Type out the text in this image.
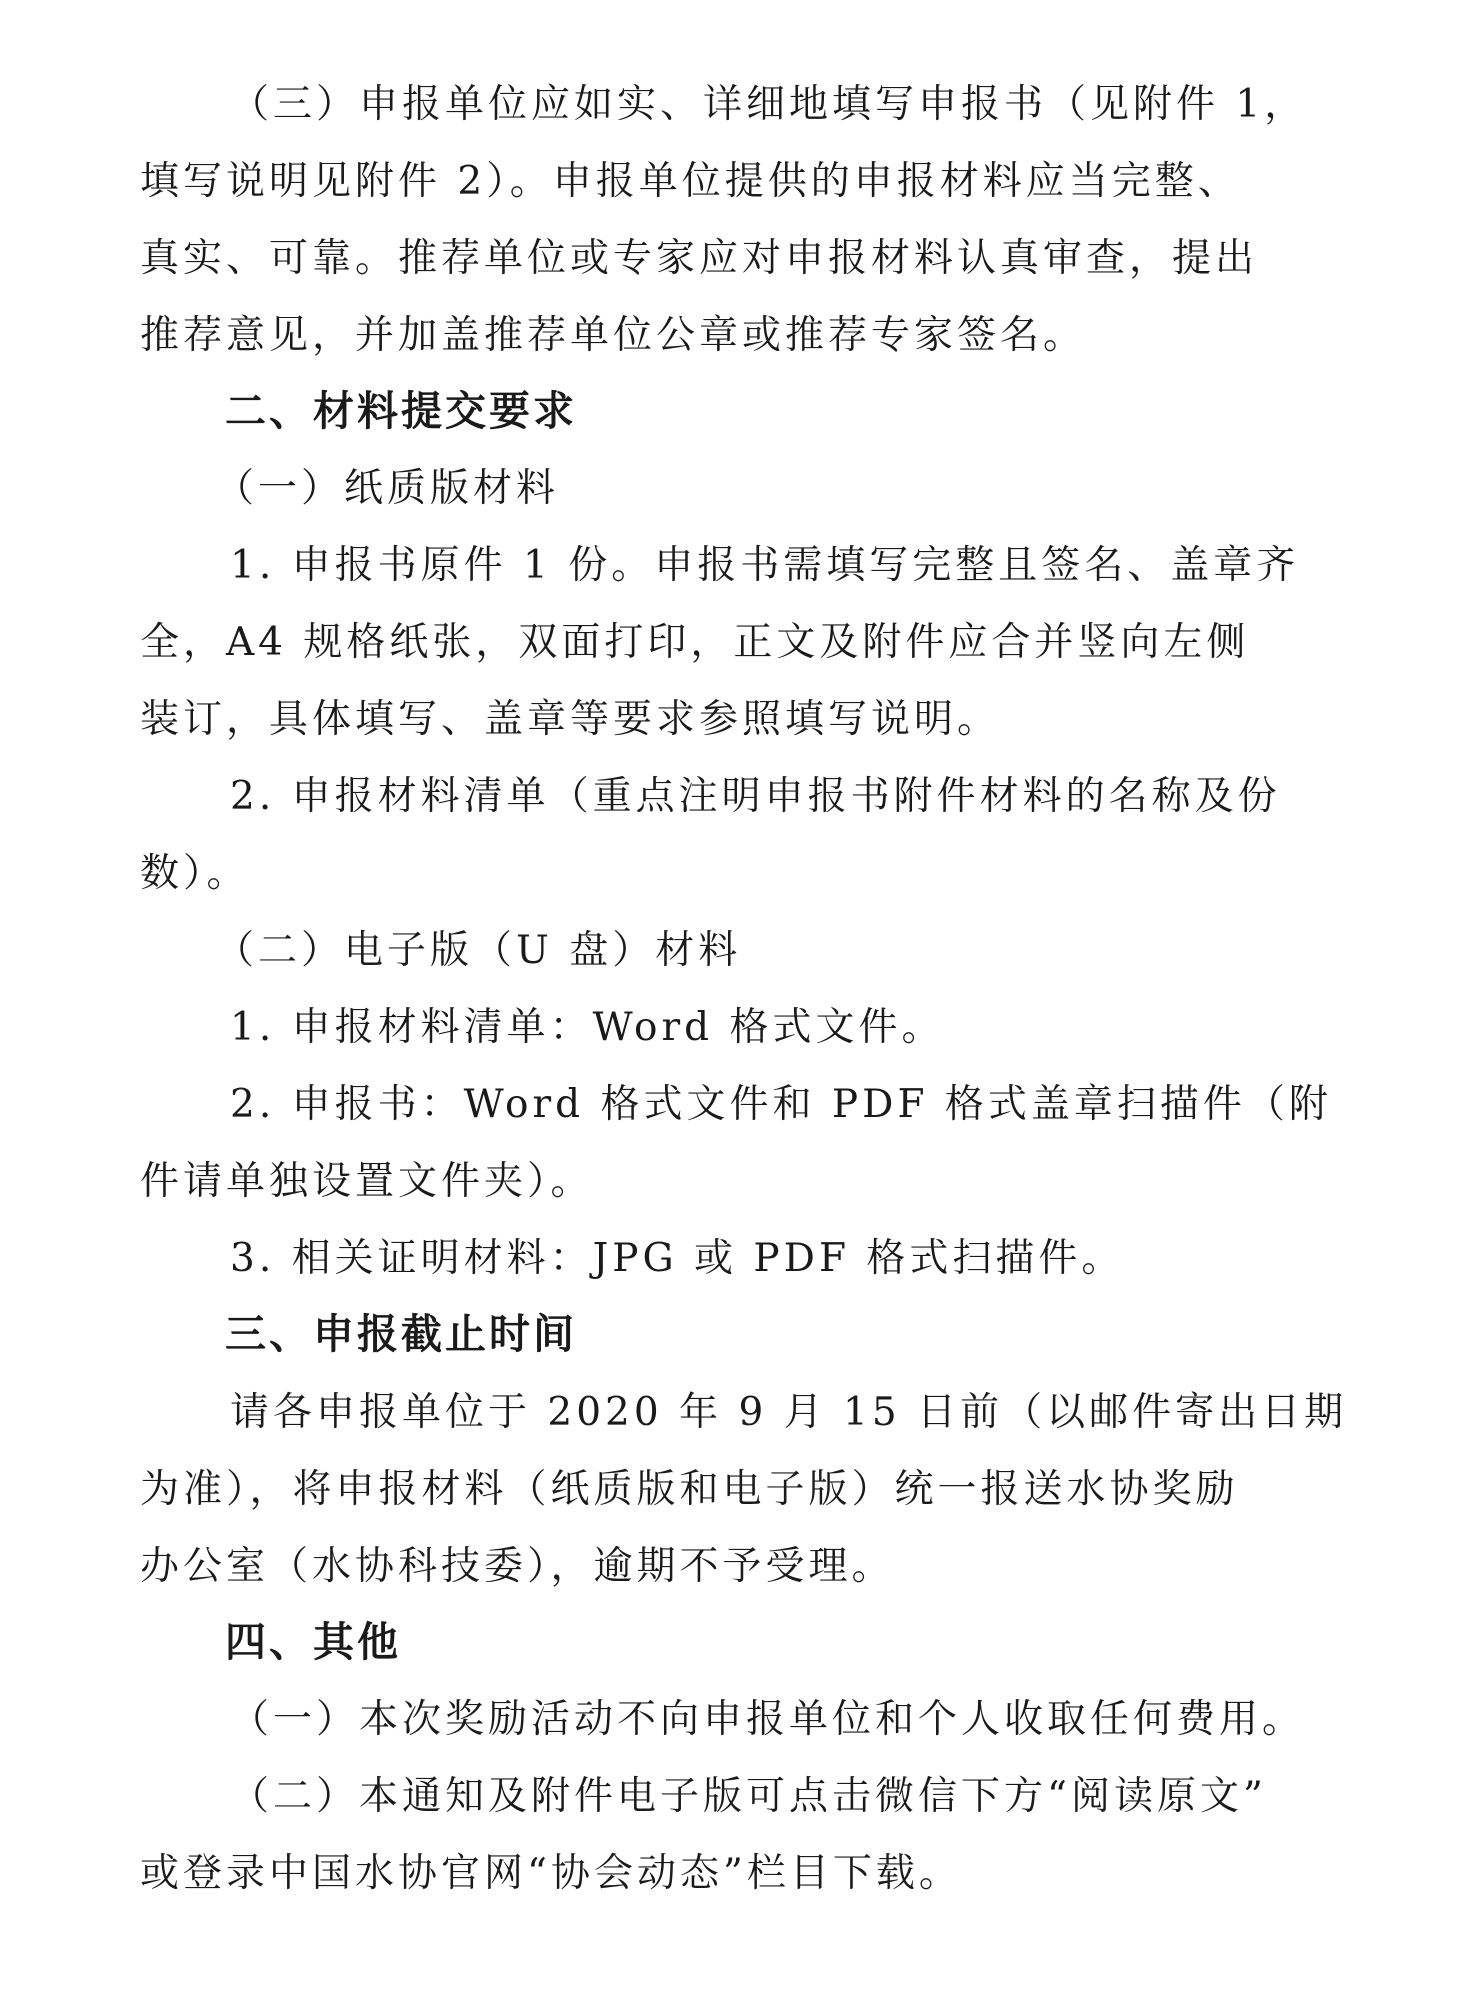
（三）申报单位应如实、详细地填写申报书（见附件 1，
填写说明见附件 2）。申报单位提供的申报材料应当完整、
真实、可靠。推荐单位或专家应对申报材料认真审查，提出
推荐意见，并加盖推荐单位公章或推荐专家签名。
二、材料提交要求
（一）纸质版材料
1. 申报书原件 1 份。申报书需填写完整且签名、盖章齐
全，A4 规格纸张，双面打印，正文及附件应合并竖向左侧
装订，具体填写、盖章等要求参照填写说明。
2. 申报材料清单（重点注明申报书附件材料的名称及份
数）。
（二）电子版（U 盘）材料
1. 申报材料清单：Word 格式文件。
2. 申报书：Word 格式文件和 PDF 格式盖章扫描件（附
件请单独设置文件夹）。
3. 相关证明材料：JPG 或 PDF 格式扫描件。
三、申报截止时间
请各申报单位于 2020 年 9 月 15 日前（以邮件寄出日期
为准），将申报材料（纸质版和电子版）统一报送水协奖励
办公室（水协科技委），逾期不予受理。
四、其他
（一）本次奖励活动不向申报单位和个人收取任何费用。
（二）本通知及附件电子版可点击微信下方“阅读原文”
或登录中国水协官网“协会动态”栏目下载。
